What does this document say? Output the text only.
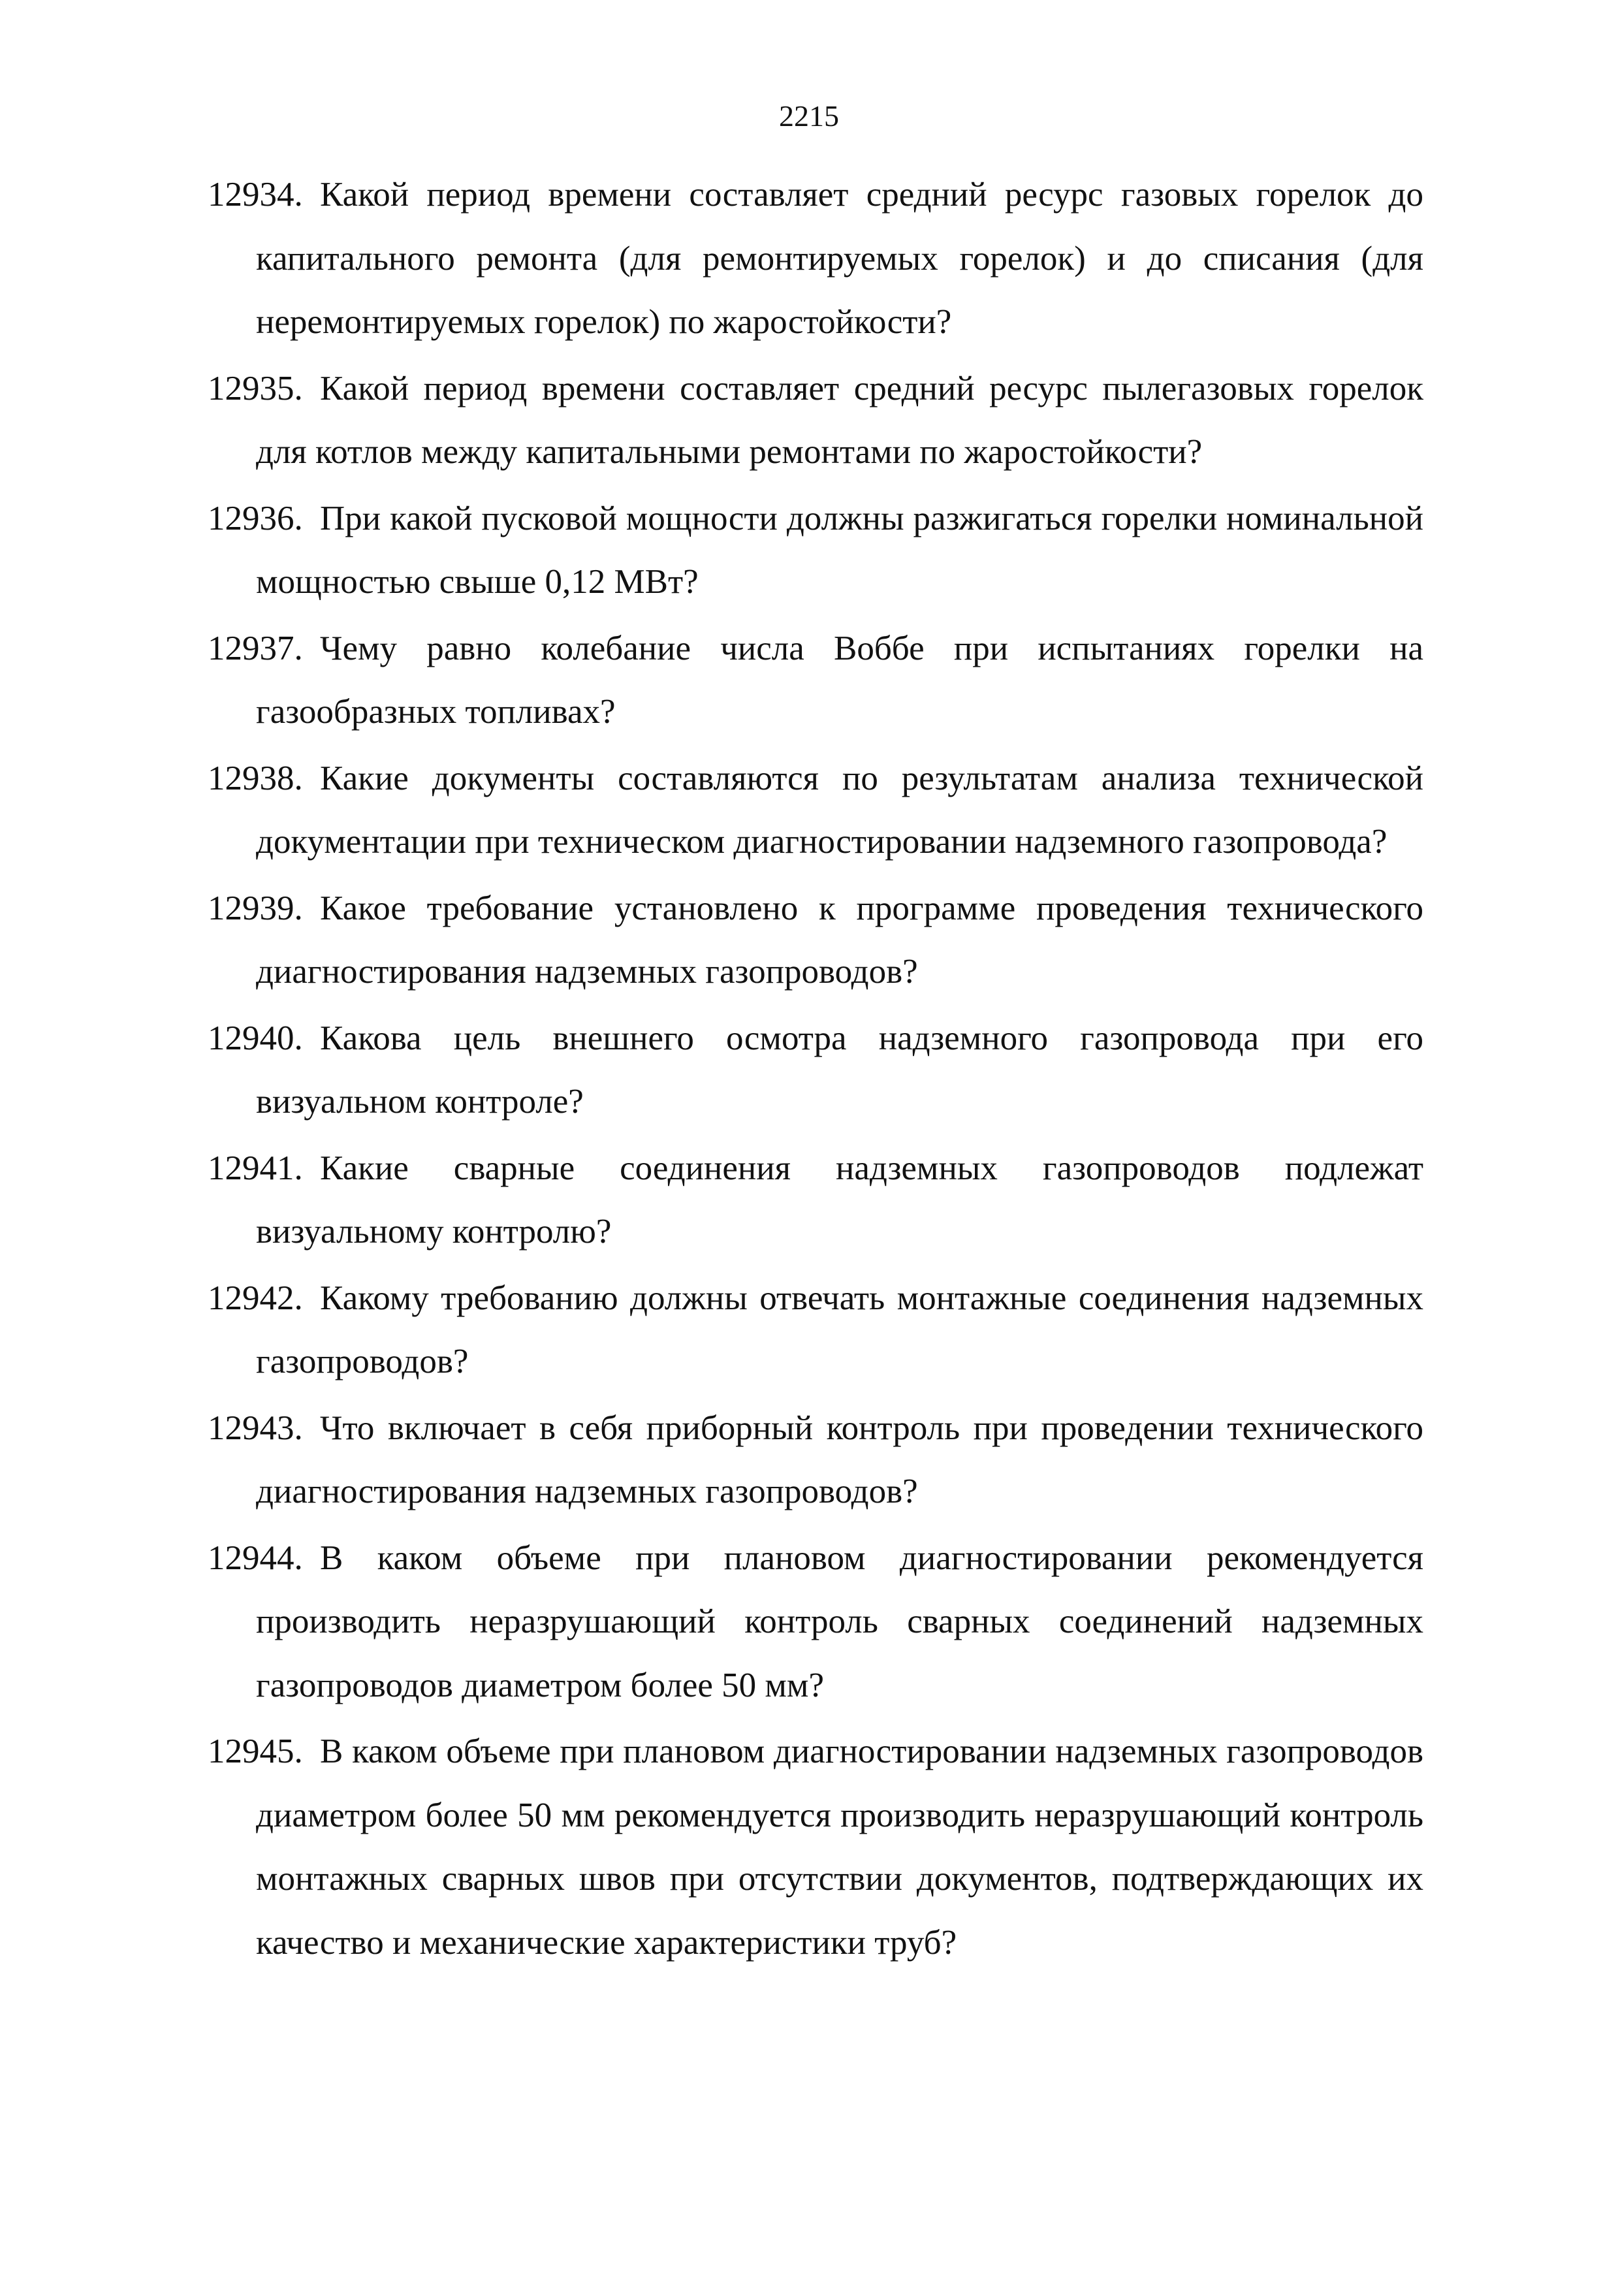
2215
12934. Какой период времени составляет средний ресурс газовых горелок до капитального ремонта (для ремонтируемых горелок) и до списания (для неремонтируемых горелок) по жаростойкости?
12935. Какой период времени составляет средний ресурс пылегазовых горелок для котлов между капитальными ремонтами по жаростойкости?
12936. При какой пусковой мощности должны разжигаться горелки номинальной мощностью свыше 0,12 МВт?
12937. Чему равно колебание числа Воббе при испытаниях горелки на газообразных топливах?
12938. Какие документы составляются по результатам анализа технической документации при техническом диагностировании надземного газопровода?
12939. Какое требование установлено к программе проведения технического диагностирования надземных газопроводов?
12940. Какова цель внешнего осмотра надземного газопровода при его визуальном контроле?
12941. Какие сварные соединения надземных газопроводов подлежат визуальному контролю?
12942. Какому требованию должны отвечать монтажные соединения надземных газопроводов?
12943. Что включает в себя приборный контроль при проведении технического диагностирования надземных газопроводов?
12944. В каком объеме при плановом диагностировании рекомендуется производить неразрушающий контроль сварных соединений надземных газопроводов диаметром более 50 мм?
12945. В каком объеме при плановом диагностировании надземных газопроводов диаметром более 50 мм рекомендуется производить неразрушающий контроль монтажных сварных швов при отсутствии документов, подтверждающих их качество и механические характеристики труб?
